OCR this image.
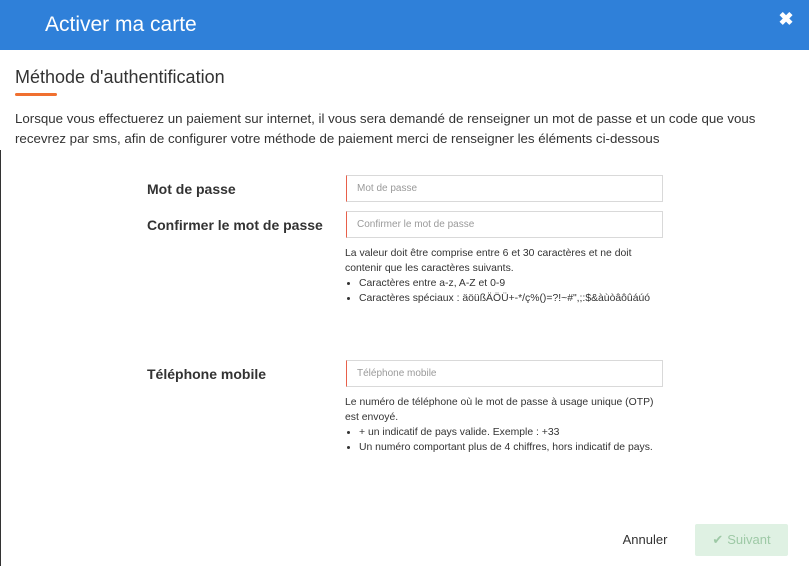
Activer ma carte	✖
Méthode d'authentification

Lorsque vous effectuerez un paiement sur internet, il vous sera demandé de renseigner un mot de passe et un code que vous recevrez par sms, afin de configurer votre méthode de paiement merci de renseigner les éléments ci-dessous

Mot de passe
Confirmer le mot de passe
La valeur doit être comprise entre 6 et 30 caractères et ne doit contenir que les caractères suivants.
Caractères entre a-z, A-Z et 0-9
Caractères spéciaux : äöüßÄÖÜ+-*/ç%()=?!~#",;:$&àùòâôûáúó
Téléphone mobile
Téléphone mobile
Le numéro de téléphone où le mot de passe à usage unique (OTP) est envoyé.
+ un indicatif de pays valide. Exemple : +33
Un numéro comportant plus de 4 chiffres, hors indicatif de pays.
Annuler	✔ Suivant
